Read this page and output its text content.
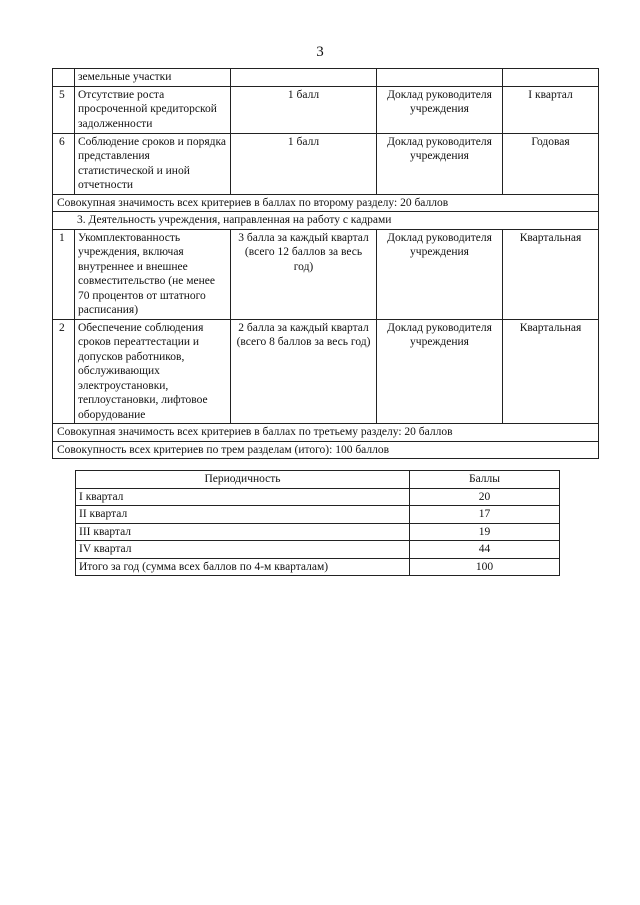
3
	земельные участки			
5	Отсутствие роста просроченной кредиторской задолженности	1 балл	Доклад руководителя учреждения	I квартал
6	Соблюдение сроков и порядка представления статистической и иной отчетности	1 балл	Доклад руководителя учреждения	Годовая
Совокупная значимость всех критериев в баллах по второму разделу: 20 баллов				
3. Деятельность учреждения, направленная на работу с кадрами				
1	Укомплектованность учреждения, включая внутреннее и внешнее совместительство (не менее 70 процентов от штатного расписания)	3 балла за каждый квартал (всего 12 баллов за весь год)	Доклад руководителя учреждения	Квартальная
2	Обеспечение соблюдения сроков переаттестации и допусков работников, обслуживающих электроустановки, теплоустановки, лифтовое оборудование	2 балла за каждый квартал (всего 8 баллов за весь год)	Доклад руководителя учреждения	Квартальная
Совокупная значимость всех критериев в баллах по третьему разделу: 20 баллов				
Совокупность всех критериев по трем разделам (итого): 100 баллов				
Периодичность	Баллы
I квартал	20
II квартал	17
III квартал	19
IV квартал	44
Итого за год (сумма всех баллов по 4-м кварталам)	100
